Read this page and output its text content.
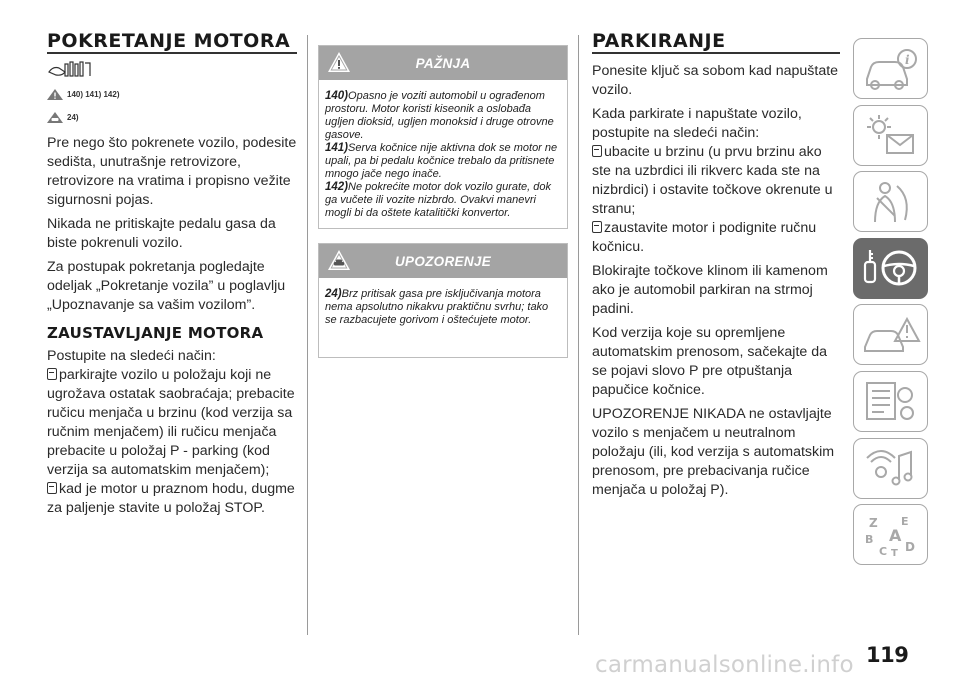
POKRETANJE MOTORA
140) 141) 142)
24)

Pre nego što pokrenete vozilo, podesite sedišta, unutrašnje retrovizore, retrovizore na vratima i propisno vežite sigurnosni pojas.

Nikada ne pritiskajte pedalu gasa da biste pokrenuli vozilo.

Za postupak pokretanja pogledajte odeljak „Pokretanje vozila” u poglavlju „Upoznavanje sa vašim vozilom”.

ZAUSTAVLJANJE MOTORA

Postupite na sledeći način:

parkirajte vozilo u položaju koji ne ugrožava ostatak saobraćaja; prebacite ručicu menjača u brzinu (kod verzija sa ručnim menjačem) ili ručicu menjača prebacite u položaj P - parking (kod verzija sa automatskim menjačem);

kad je motor u praznom hodu, dugme za paljenje stavite u položaj STOP.

PAŽNJA

140)Opasno je voziti automobil u ograđenom prostoru. Motor koristi kiseonik a oslobađa ugljen dioksid, ugljen monoksid i druge otrovne gasove.

141)Serva kočnice nije aktivna dok se motor ne upali, pa bi pedalu kočnice trebalo da pritisnete mnogo jače nego inače.

142)Ne pokrećite motor dok vozilo gurate, dok ga vučete ili vozite nizbrdo. Ovakvi manevri mogli bi da oštete katalitički konvertor.

UPOZORENJE

24)Brz pritisak gasa pre isključivanja motora nema apsolutno nikakvu praktičnu svrhu; tako se razbacujete gorivom i oštećujete motor.

PARKIRANJE

Ponesite ključ sa sobom kad napuštate vozilo.

Kada parkirate i napuštate vozilo, postupite na sledeći način:

ubacite u brzinu (u prvu brzinu ako ste na uzbrdici ili rikverc kada ste na nizbrdici) i ostavite točkove okrenute u stranu;

zaustavite motor i podignite ručnu kočnicu.

Blokirajte točkove klinom ili kamenom ako je automobil parkiran na strmoj padini.

Kod verzija koje su opremljene automatskim prenosom, sačekajte da se pojavi slovo P pre otpuštanja papučice kočnice.

UPOZORENJE NIKADA ne ostavljajte vozilo s menjačem u neutralnom položaju (ili, kod verzija s automatskim prenosom, pre prebacivanja ručice menjača u položaj P).

i
Z E
B A
C T D
119
carmanualsonline.info
